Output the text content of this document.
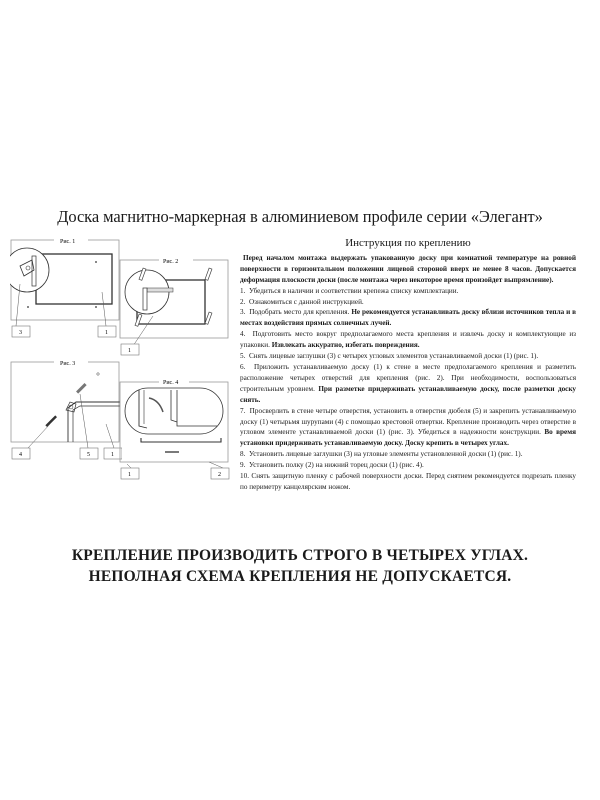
Доска магнитно-маркерная в алюминиевом профиле серии «Элегант»
Рис. 1
3	1
Рис. 2
1
Рис. 3
4	5	1
Рис. 4
1	2
Инструкция по креплению

Перед началом монтажа выдержать упакованную доску при комнатной температуре на ровной поверхности в горизонтальном положении лицевой стороной вверх не менее 8 часов. Допускается деформация плоскости доски (после монтажа через некоторое время произойдет выпрямление).

1. Убедиться в наличии и соответствии крепежа списку комплектации.

2. Ознакомиться с данной инструкцией.

3. Подобрать место для крепления. Не рекомендуется устанавливать доску вблизи источников тепла и в местах воздействия прямых солнечных лучей.

4. Подготовить место вокруг предполагаемого места крепления и извлечь доску и комплектующие из упаковки. Извлекать аккуратно, избегать повреждения.

5. Снять лицевые заглушки (3) с четырех угловых элементов устанавливаемой доски (1) (рис. 1).

6. Приложить устанавливаемую доску (1) к стене в месте предполагаемого крепления и разметить расположение четырех отверстий для крепления (рис. 2). При необходимости, воспользоваться строительным уровнем. При разметке придерживать устанавливаемую доску, после разметки доску снять.

7. Просверлить в стене четыре отверстия, установить в отверстия дюбеля (5) и закрепить устанавливаемую доску (1) четырьмя шурупами (4) с помощью крестовой отвертки. Крепление производить через отверстие в угловом элементе устанавливаемой доски (1) (рис. 3). Убедиться в надежности конструкции. Во время установки придерживать устанавливаемую доску. Доску крепить в четырех углах.

8. Установить лицевые заглушки (3) на угловые элементы установленной доски (1) (рис. 1).

9. Установить полку (2) на нижний торец доски (1) (рис. 4).

10. Снять защитную пленку с рабочей поверхности доски. Перед снятием рекомендуется подрезать пленку по периметру канцелярским ножом.

КРЕПЛЕНИЕ ПРОИЗВОДИТЬ СТРОГО В ЧЕТЫРЕХ УГЛАХ.
НЕПОЛНАЯ СХЕМА КРЕПЛЕНИЯ НЕ ДОПУСКАЕТСЯ.
